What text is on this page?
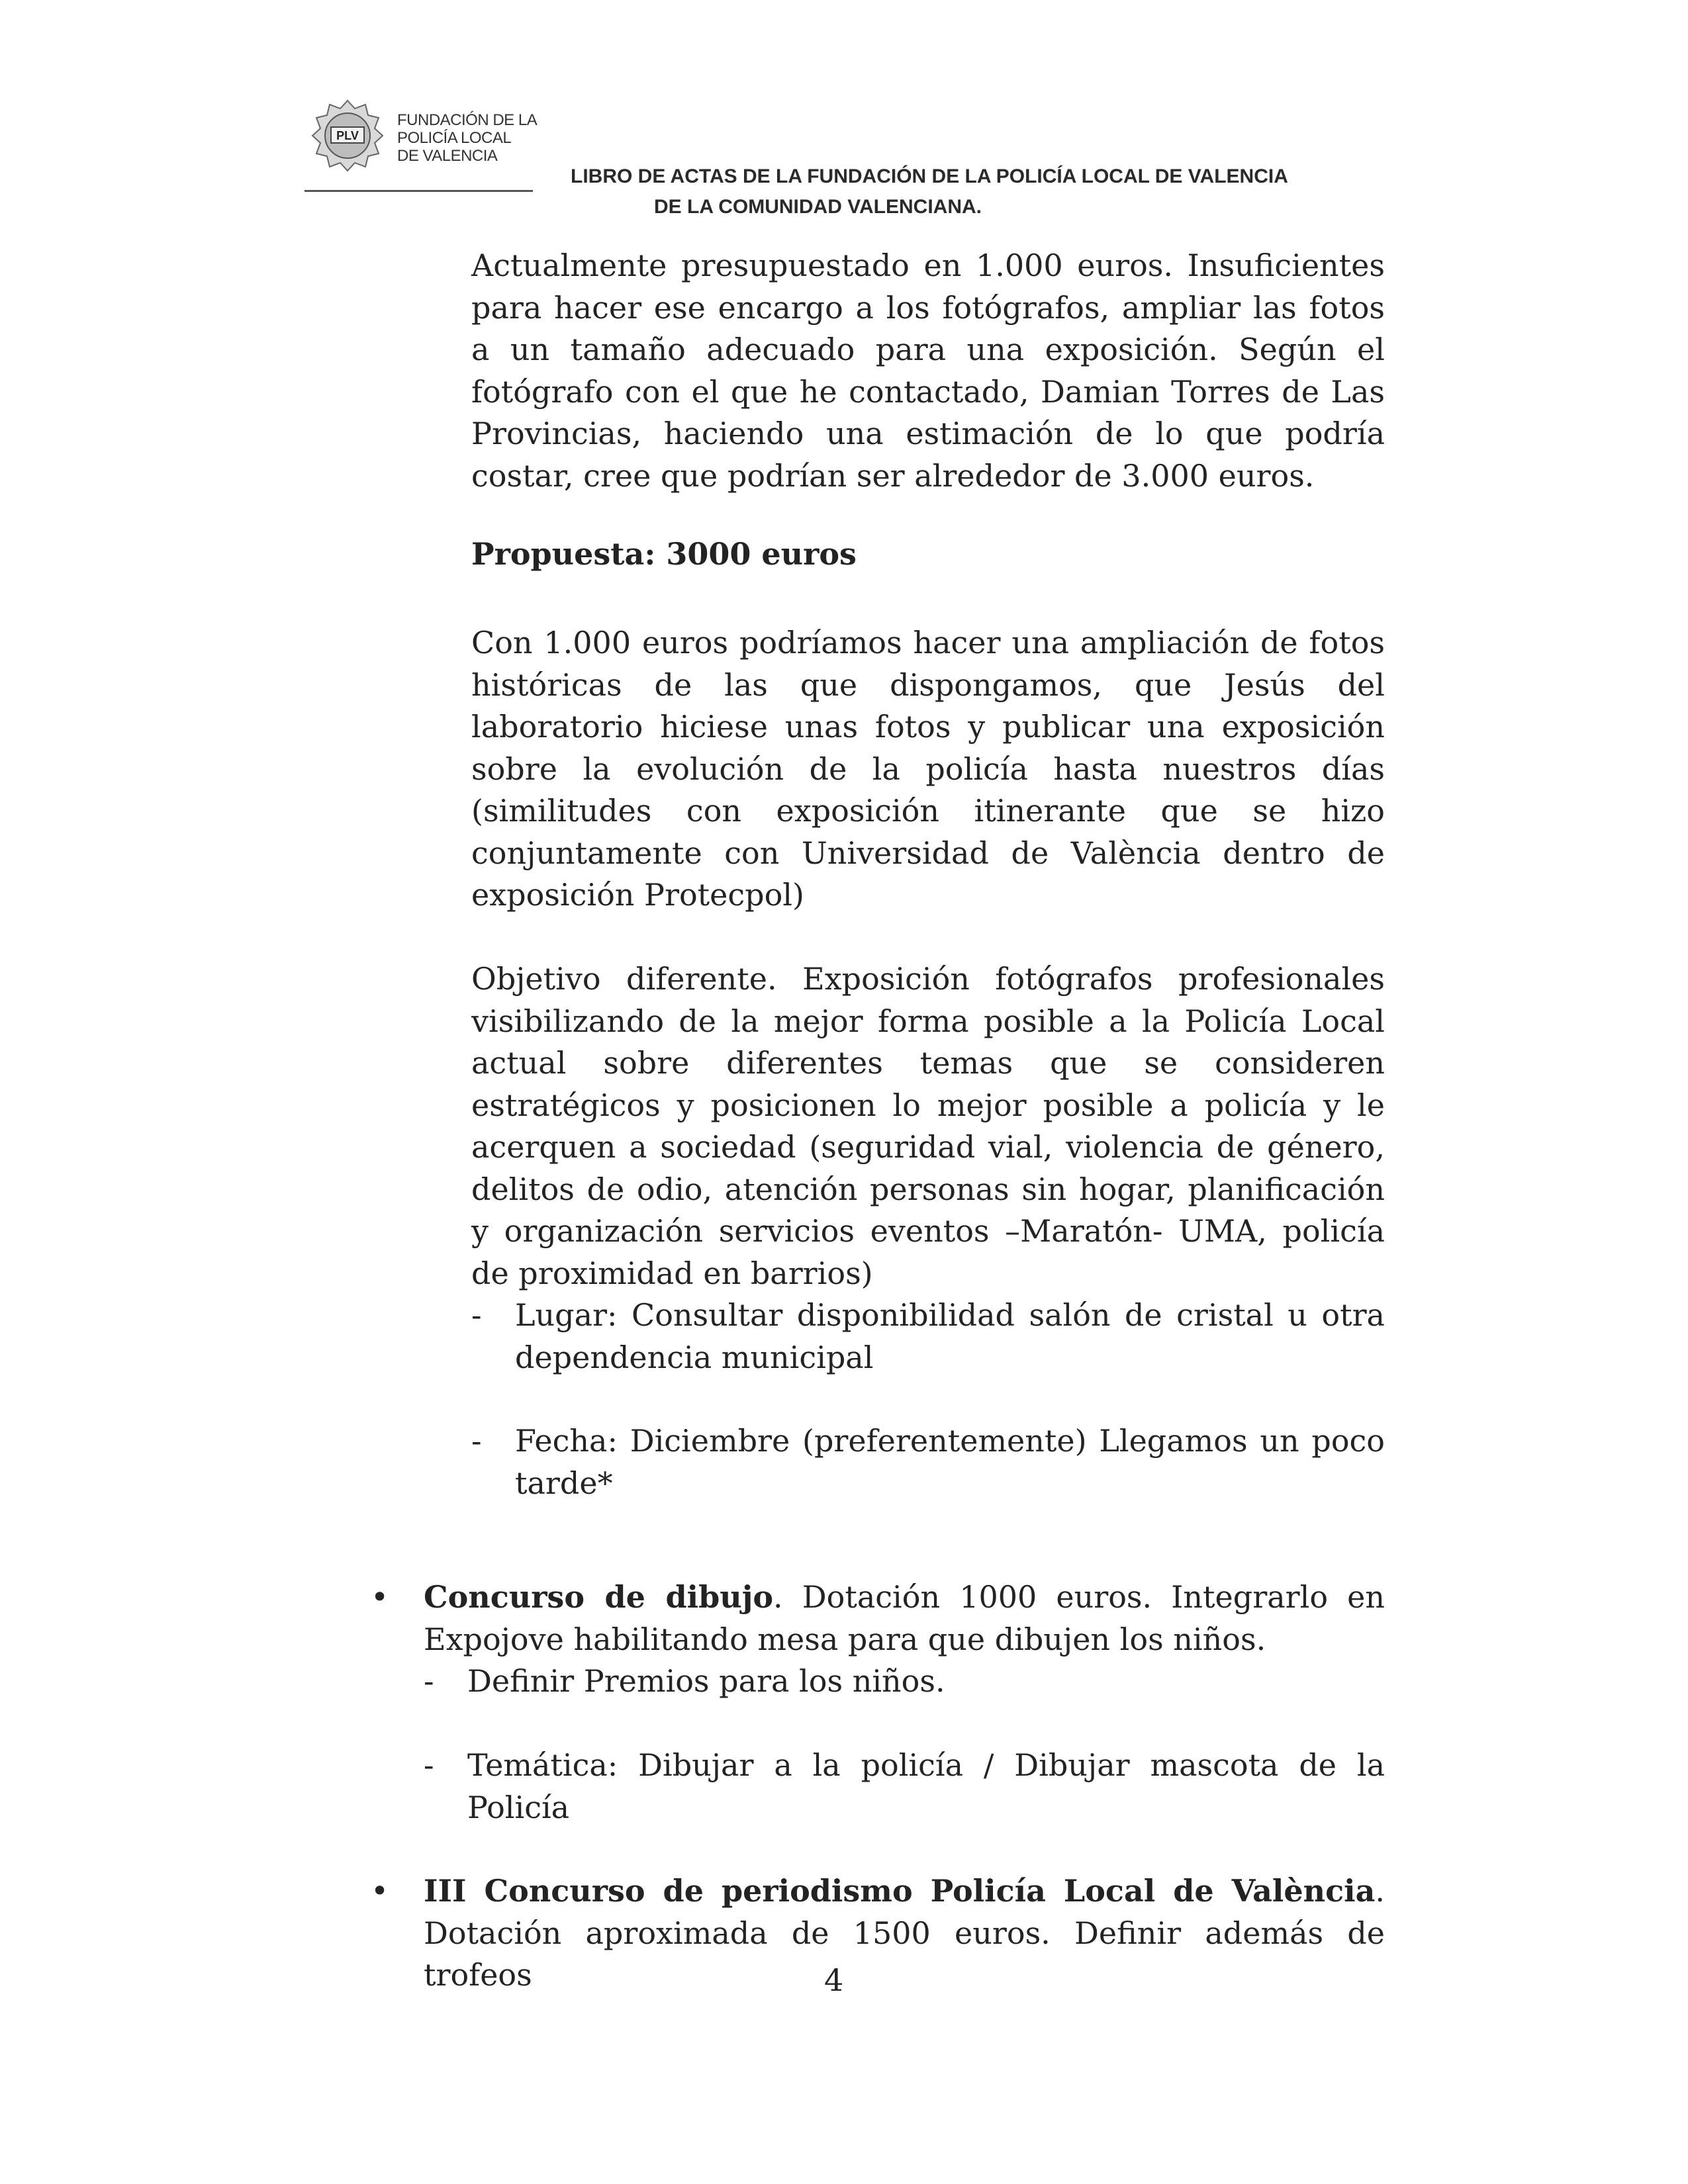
PLV
FUNDACIÓN DE LA
POLICÍA LOCAL
DE VALENCIA
LIBRO DE ACTAS DE LA FUNDACIÓN DE LA POLICÍA LOCAL DE VALENCIA
DE LA COMUNIDAD VALENCIANA.
Actualmente presupuestado en 1.000 euros. Insuficientes para hacer ese encargo a los fotógrafos, ampliar las fotos a un tamaño adecuado para una exposición. Según el fotógrafo con el que he contactado, Damian Torres de Las Provincias, haciendo una estimación de lo que podría costar, cree que podrían ser alrededor de 3.000 euros.
Propuesta: 3000 euros
Con 1.000 euros podríamos hacer una ampliación de fotos históricas de las que dispongamos, que Jesús del laboratorio hiciese unas fotos y publicar una exposición sobre la evolución de la policía hasta nuestros días (similitudes con exposición itinerante que se hizo conjuntamente con Universidad de València dentro de exposición Protecpol)
Objetivo diferente. Exposición fotógrafos profesionales visibilizando de la mejor forma posible a la Policía Local actual sobre diferentes temas que se consideren estratégicos y posicionen lo mejor posible a policía y le acerquen a sociedad (seguridad vial, violencia de género, delitos de odio, atención personas sin hogar, planificación y organización servicios eventos –Maratón- UMA, policía de proximidad en barrios)
- Lugar: Consultar disponibilidad salón de cristal u otra dependencia municipal
- Fecha: Diciembre (preferentemente) Llegamos un poco tarde*
• Concurso de dibujo. Dotación 1000 euros. Integrarlo en Expojove habilitando mesa para que dibujen los niños.
- Definir Premios para los niños.
- Temática: Dibujar a la policía / Dibujar mascota de la Policía
• III Concurso de periodismo Policía Local de València. Dotación aproximada de 1500 euros. Definir además de trofeos	4
